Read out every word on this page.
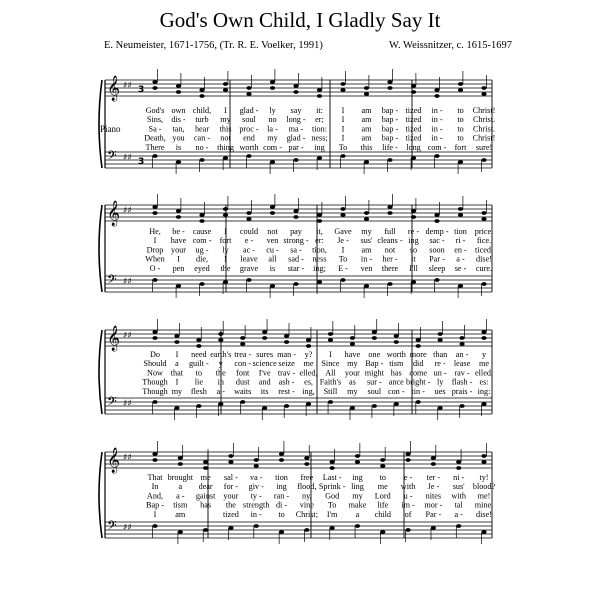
God's Own Child, I Gladly Say It
E. Neumeister, 1671-1756, (Tr. R. E. Voelker, 1991)	W. Weissnitzer, c. 1615-1697
Piano
𝄞 ♯♯ 3
𝄢 ♯♯ 3
God's own child, I glad - ly say it: I am bap - tized in - to Christ!
Sins, dis - turb my soul no long - er; I am bap - tized in - to Christ.
Sa - tan, hear this proc - la - ma - tion: I am bap - tized in - to Christ.
Death, you can - not end my glad - ness; I am bap - tized in - to Christ!
There is no - thing worth com - par - ing To this life - long com - fort sure!
𝄞 ♯♯
𝄢 ♯♯
He, be - cause I could not pay it, Gave my full re - demp - tion price.
I have com - fort e - ven strong - er: Je - sus' cleans - ing sac - ri - fice.
Drop your ug - ly ac - cu - sa - tion, I am not so soon en - ticed.
When I die, I leave all sad - ness To in - her - it Par - a - dise!
O - pen eyed the grave is star - ing; E - ven there I'll sleep se - cure.
𝄞 ♯♯
𝄢 ♯♯
Do I need earth's trea - sures man - y? I have one worth more than an - y
Should a guilt - y con - science seize me Since my Bap - tism did re - lease me
Now that to the font I've trav - elled, All your might has come un - rav - elled,
Though I lie in dust and ash - es, Faith's as sur - ance bright - ly flash - es:
Though my flesh a - waits its rest - ing, Still my soul con - tin - ues prais - ing:
𝄞 ♯♯
𝄢 ♯♯
That brought me sal - va - tion free Last - ing to e - ter - ni - ty!
In a dear for - giv - ing flood, Sprink - ling me with Je - sus' blood?
And, a - gainst your ty - ran - ny, God my Lord u - nites with me!
Bap - tism has the strength di - vine To make life im - mor - tal mine.
I am	tized in - to Christ; I'm a child of Par - a - dise!
